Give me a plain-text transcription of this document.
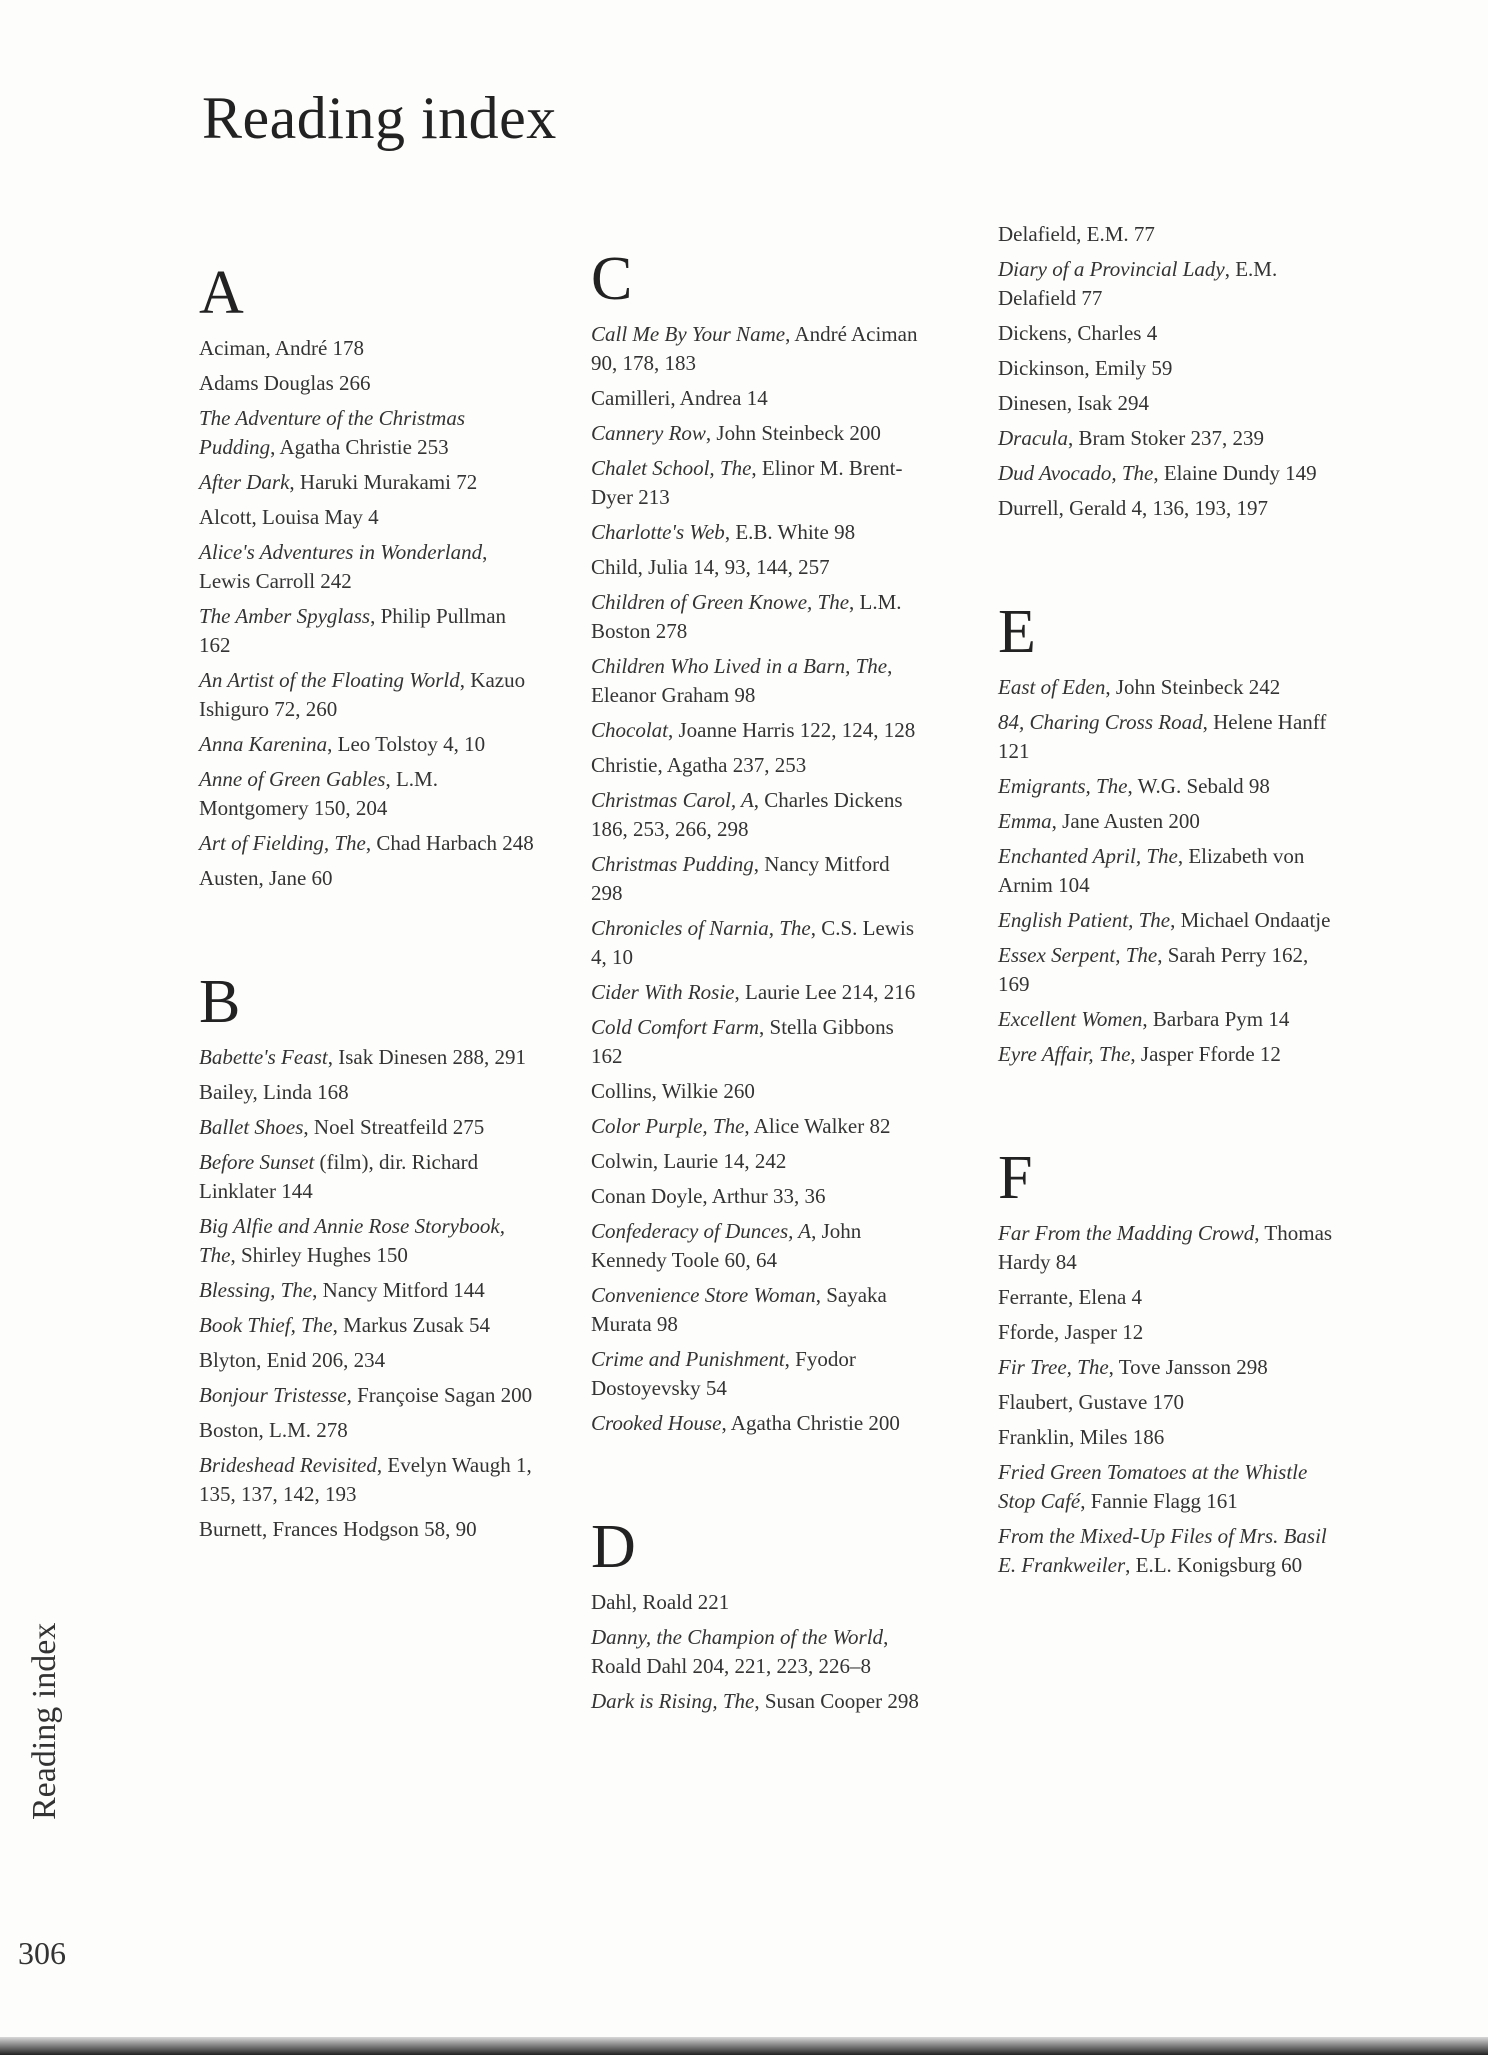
Reading index
A
Aciman, André 178
Adams Douglas 266
The Adventure of the Christmas Pudding, Agatha Christie 253
After Dark, Haruki Murakami 72
Alcott, Louisa May 4
Alice's Adventures in Wonderland, Lewis Carroll 242
The Amber Spyglass, Philip Pullman 162
An Artist of the Floating World, Kazuo Ishiguro 72, 260
Anna Karenina, Leo Tolstoy 4, 10
Anne of Green Gables, L.M. Montgomery 150, 204
Art of Fielding, The, Chad Harbach 248
Austen, Jane 60
B
Babette's Feast, Isak Dinesen 288, 291
Bailey, Linda 168
Ballet Shoes, Noel Streatfeild 275
Before Sunset (film), dir. Richard Linklater 144
Big Alfie and Annie Rose Storybook, The, Shirley Hughes 150
Blessing, The, Nancy Mitford 144
Book Thief, The, Markus Zusak 54
Blyton, Enid 206, 234
Bonjour Tristesse, Françoise Sagan 200
Boston, L.M. 278
Brideshead Revisited, Evelyn Waugh 1, 135, 137, 142, 193
Burnett, Frances Hodgson 58, 90
C
Call Me By Your Name, André Aciman 90, 178, 183
Camilleri, Andrea 14
Cannery Row, John Steinbeck 200
Chalet School, The, Elinor M. Brent-Dyer 213
Charlotte's Web, E.B. White 98
Child, Julia 14, 93, 144, 257
Children of Green Knowe, The, L.M. Boston 278
Children Who Lived in a Barn, The, Eleanor Graham 98
Chocolat, Joanne Harris 122, 124, 128
Christie, Agatha 237, 253
Christmas Carol, A, Charles Dickens 186, 253, 266, 298
Christmas Pudding, Nancy Mitford 298
Chronicles of Narnia, The, C.S. Lewis 4, 10
Cider With Rosie, Laurie Lee 214, 216
Cold Comfort Farm, Stella Gibbons 162
Collins, Wilkie 260
Color Purple, The, Alice Walker 82
Colwin, Laurie 14, 242
Conan Doyle, Arthur 33, 36
Confederacy of Dunces, A, John Kennedy Toole 60, 64
Convenience Store Woman, Sayaka Murata 98
Crime and Punishment, Fyodor Dostoyevsky 54
Crooked House, Agatha Christie 200
D
Dahl, Roald 221
Danny, the Champion of the World, Roald Dahl 204, 221, 223, 226–8
Dark is Rising, The, Susan Cooper 298
Delafield, E.M. 77
Diary of a Provincial Lady, E.M. Delafield 77
Dickens, Charles 4
Dickinson, Emily 59
Dinesen, Isak 294
Dracula, Bram Stoker 237, 239
Dud Avocado, The, Elaine Dundy 149
Durrell, Gerald 4, 136, 193, 197
E
East of Eden, John Steinbeck 242
84, Charing Cross Road, Helene Hanff 121
Emigrants, The, W.G. Sebald 98
Emma, Jane Austen 200
Enchanted April, The, Elizabeth von Arnim 104
English Patient, The, Michael Ondaatje
Essex Serpent, The, Sarah Perry 162, 169
Excellent Women, Barbara Pym 14
Eyre Affair, The, Jasper Fforde 12
F
Far From the Madding Crowd, Thomas Hardy 84
Ferrante, Elena 4
Fforde, Jasper 12
Fir Tree, The, Tove Jansson 298
Flaubert, Gustave 170
Franklin, Miles 186
Fried Green Tomatoes at the Whistle Stop Café, Fannie Flagg 161
From the Mixed-Up Files of Mrs. Basil E. Frankweiler, E.L. Konigsburg 60
Reading index
306
